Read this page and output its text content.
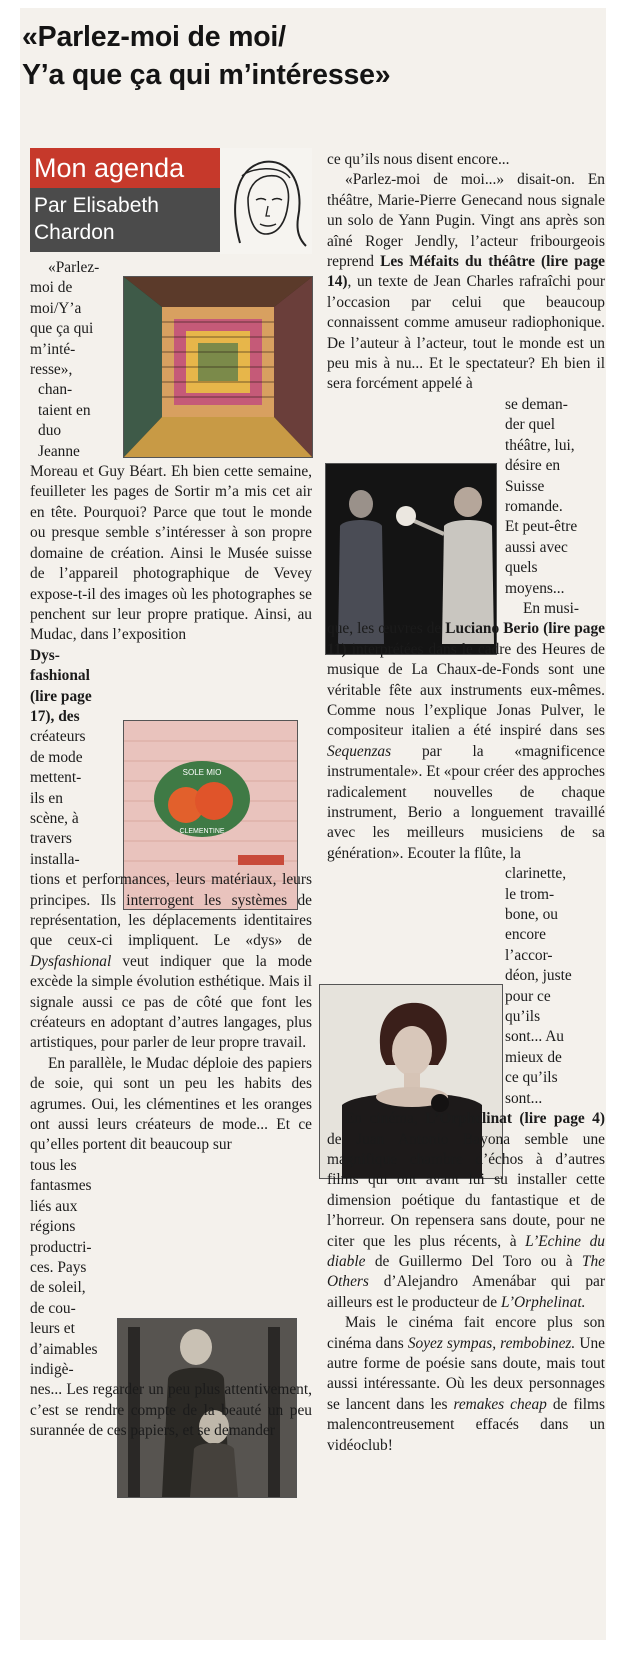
«Parlez-moi de moi/
Y’a que ça qui m’intéresse»
Mon agenda
Par Elisabeth
Chardon
SOLE MIO
CLEMENTINE
«Parlez-
moi de
moi/Y’a
que ça qui
m’inté-
resse»,
chan-
taient en
duo
Jeanne

Moreau et Guy Béart. Eh bien cette semaine, feuilleter les pages de Sortir m’a mis cet air en tête. Pourquoi? Parce que tout le monde ou presque semble s’intéresser à son propre domaine de création. Ainsi le Musée suisse de l’appareil photographique de Vevey expose-t-il des images où les photographes se penchent sur leur propre pratique. Ainsi, au Mudac, dans l’exposition

Dys-
fashional
(lire page
17), des
créateurs
de mode
mettent-
ils en
scène, à
travers
installa-

tions et performances, leurs matériaux, leurs principes. Ils interrogent les systèmes de représentation, les déplacements identitaires que ceux-ci impliquent. Le «dys» de Dysfashional veut indiquer que la mode excède la simple évolution esthétique. Mais il signale aussi ce pas de côté que font les créateurs en adoptant d’autres langages, plus artistiques, pour parler de leur propre travail.

En parallèle, le Mudac déploie des papiers de soie, qui sont un peu les habits des agrumes. Oui, les clémentines et les oranges ont aussi leurs créateurs de mode... Et ce qu’elles portent dit beaucoup sur

tous les
fantasmes
liés aux
régions
productri-
ces. Pays
de soleil,
de cou-
leurs et
d’aimables
indigè-

nes... Les regarder un peu plus attentivement, c’est se rendre compte de la beauté un peu surannée de ces papiers, et se demander

ce qu’ils nous disent encore...

«Parlez-moi de moi...» disait-on. En théâtre, Marie-Pierre Genecand nous signale un solo de Yann Pugin. Vingt ans après son aîné Roger Jendly, l’acteur fribourgeois reprend Les Méfaits du théâtre (lire page 14), un texte de Jean Charles rafraîchi pour l’occasion par celui que beaucoup connaissent comme amuseur radiophonique. De l’auteur à l’acteur, tout le monde est un peu mis à nu... Et le spectateur? Eh bien il sera forcément appelé à

se deman-
der quel
théâtre, lui,
désire en
Suisse
romande.
Et peut-être
aussi avec
quels
moyens...
En musi-

que, les œuvres de Luciano Berio (lire page 11) interprétées dans le cadre des Heures de musique de La Chaux-de-Fonds sont une véritable fête aux instruments eux-mêmes. Comme nous l’explique Jonas Pulver, le compositeur italien a été inspiré dans ses Sequenzas par la «magnificence instrumentale». Et «pour créer des approches radicalement nouvelles de chaque instrument, Berio a longuement travaillé avec les meilleurs musiciens de sa génération». Ecouter la flûte, la

clarinette,
le trom-
bone, ou
encore
l’accor-
déon, juste
pour ce
qu’ils
sont... Au
mieux de
ce qu’ils
sont...

En cinéma, L’Orphelinat (lire page 4) de Juan Antonio Bayona semble une magnifique chambre d’échos à d’autres films qui ont avant lui su installer cette dimension poétique du fantastique et de l’horreur. On repensera sans doute, pour ne citer que les plus récents, à L’Echine du diable de Guillermo Del Toro ou à The Others d’Alejandro Amenábar qui par ailleurs est le producteur de L’Orphelinat.

Mais le cinéma fait encore plus son cinéma dans Soyez sympas, rembobinez. Une autre forme de poésie sans doute, mais tout aussi intéressante. Où les deux personnages se lancent dans les remakes cheap de films malencontreusement effacés dans un vidéoclub!
